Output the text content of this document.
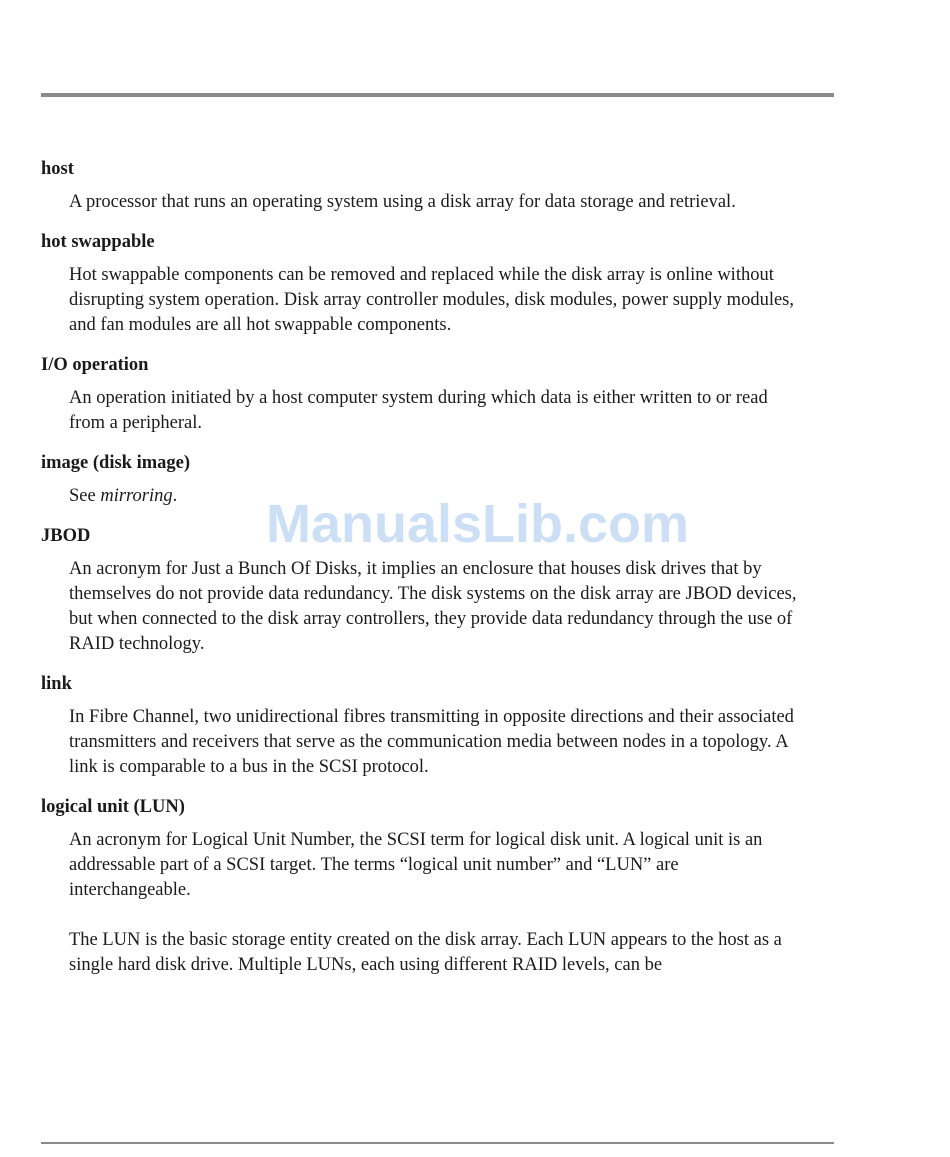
host
A processor that runs an operating system using a disk array for data storage and retrieval.
hot swappable
Hot swappable components can be removed and replaced while the disk array is online without disrupting system operation. Disk array controller modules, disk modules, power supply modules, and fan modules are all hot swappable components.
I/O operation
An operation initiated by a host computer system during which data is either written to or read from a peripheral.
image (disk image)
See mirroring.
JBOD
An acronym for Just a Bunch Of Disks, it implies an enclosure that houses disk drives that by themselves do not provide data redundancy. The disk systems on the disk array are JBOD devices, but when connected to the disk array controllers, they provide data redundancy through the use of RAID technology.
link
In Fibre Channel, two unidirectional fibres transmitting in opposite directions and their associated transmitters and receivers that serve as the communication media between nodes in a topology. A link is comparable to a bus in the SCSI protocol.
logical unit (LUN)
An acronym for Logical Unit Number, the SCSI term for logical disk unit. A logical unit is an addressable part of a SCSI target. The terms “logical unit number” and “LUN” are interchangeable.
The LUN is the basic storage entity created on the disk array. Each LUN appears to the host as a single hard disk drive. Multiple LUNs, each using different RAID levels, can be
ManualsLib.com
